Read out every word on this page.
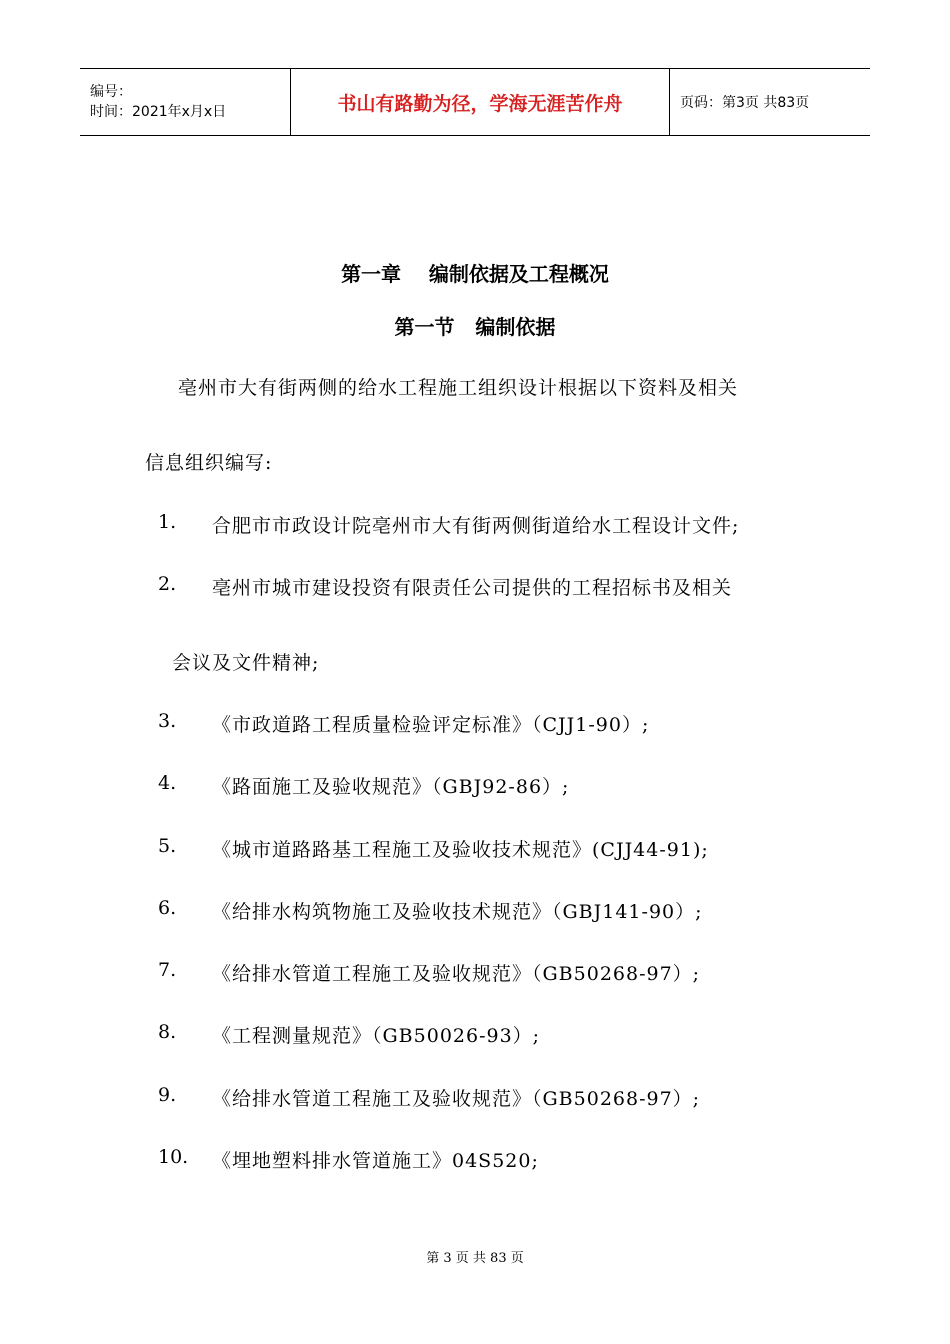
编号：
时间：2021年x月x日	书山有路勤为径，学海无涯苦作舟	页码：第3页 共83页
第一章    编制依据及工程概况
第一节   编制依据
亳州市大有街两侧的给水工程施工组织设计根据以下资料及相关
信息组织编写:
1. 合肥市市政设计院亳州市大有街两侧街道给水工程设计文件;
2. 亳州市城市建设投资有限责任公司提供的工程招标书及相关
会议及文件精神;
3. 《市政道路工程质量检验评定标准》（CJJ1-90）;
4. 《路面施工及验收规范》（GBJ92-86）;
5. 《城市道路路基工程施工及验收技术规范》(CJJ44-91);
6. 《给排水构筑物施工及验收技术规范》（GBJ141-90）;
7. 《给排水管道工程施工及验收规范》（GB50268-97）;
8. 《工程测量规范》（GB50026-93）;
9. 《给排水管道工程施工及验收规范》（GB50268-97）;
10. 《埋地塑料排水管道施工》04S520;
第 3 页 共 83 页
